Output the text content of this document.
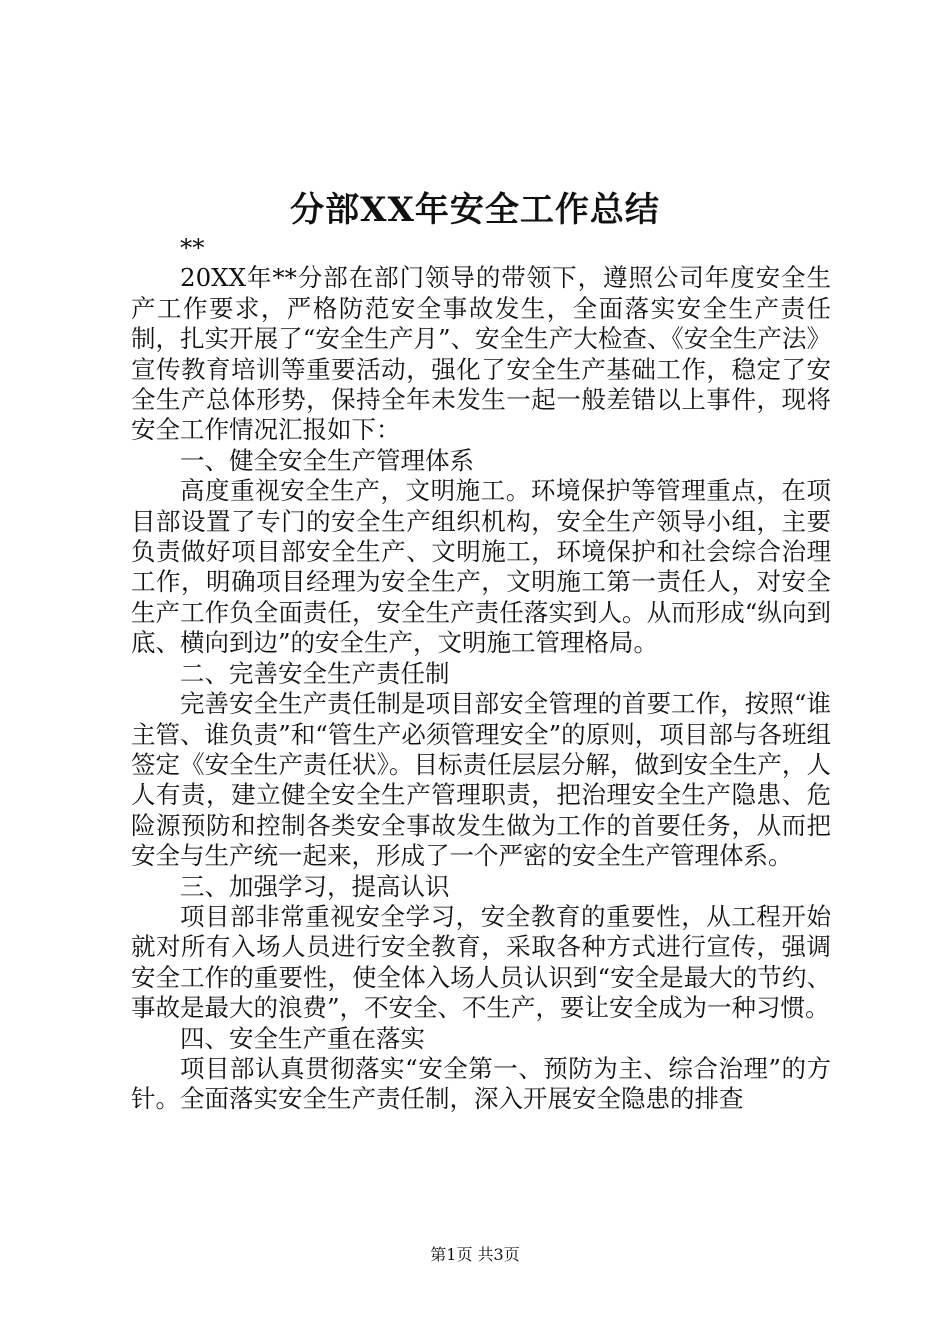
分部XX年安全工作总结

**

20XX年**分部在部门领导的带领下，遵照公司年度安全生产工作要求，严格防范安全事故发生，全面落实安全生产责任制，扎实开展了“安全生产月”、安全生产大检查、《安全生产法》宣传教育培训等重要活动，强化了安全生产基础工作，稳定了安全生产总体形势，保持全年未发生一起一般差错以上事件，现将安全工作情况汇报如下：

一、健全安全生产管理体系

高度重视安全生产，文明施工。环境保护等管理重点，在项目部设置了专门的安全生产组织机构，安全生产领导小组，主要负责做好项目部安全生产、文明施工，环境保护和社会综合治理工作，明确项目经理为安全生产，文明施工第一责任人，对安全生产工作负全面责任，安全生产责任落实到人。从而形成“纵向到底、横向到边”的安全生产，文明施工管理格局。

二、完善安全生产责任制

完善安全生产责任制是项目部安全管理的首要工作，按照“谁主管、谁负责”和“管生产必须管理安全”的原则，项目部与各班组签定《安全生产责任状》。目标责任层层分解，做到安全生产，人人有责，建立健全安全生产管理职责，把治理安全生产隐患、危险源预防和控制各类安全事故发生做为工作的首要任务，从而把安全与生产统一起来，形成了一个严密的安全生产管理体系。

三、加强学习，提高认识

项目部非常重视安全学习，安全教育的重要性，从工程开始就对所有入场人员进行安全教育，采取各种方式进行宣传，强调安全工作的重要性，使全体入场人员认识到“安全是最大的节约、事故是最大的浪费”，不安全、不生产，要让安全成为一种习惯。

四、安全生产重在落实

项目部认真贯彻落实“安全第一、预防为主、综合治理”的方针。全面落实安全生产责任制，深入开展安全隐患的排查

第1页 共3页
